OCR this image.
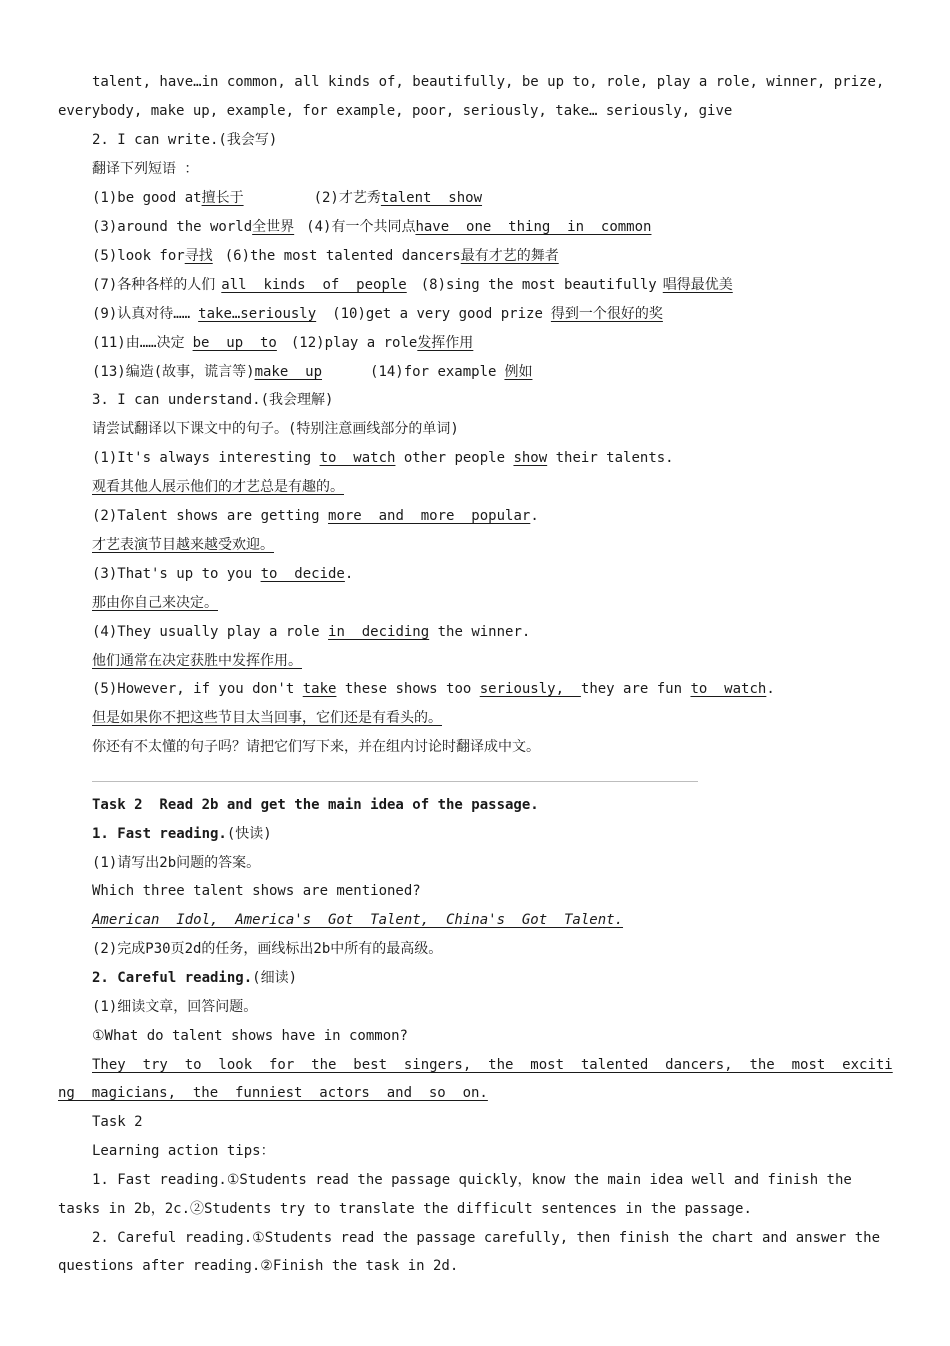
talent, have…in common, all kinds of, beautifully, be up to, role, play a role, winner, prize,
everybody, make up, example, for example, poor, seriously, take… seriously, give
2. I can write.(我会写)
翻译下列短语 ：
(1)be good at擅长于	(2)才艺秀talent  show
(3)around the world全世界 (4)有一个共同点have  one  thing  in  common
(5)look for寻找 (6)the most talented dancers最有才艺的舞者
(7)各种各样的人们 all  kinds  of  people (8)sing the most beautifully 唱得最优美
(9)认真对待…… take…seriously (10)get a very good prize 得到一个很好的奖
(11)由……决定 be  up  to (12)play a role发挥作用
(13)编造(故事，谎言等)make  up	(14)for example 例如
3. I can understand.(我会理解)
请尝试翻译以下课文中的句子。(特别注意画线部分的单词)
(1)It's always interesting to  watch other people show their talents.
观看其他人展示他们的才艺总是有趣的。
(2)Talent shows are getting more  and  more  popular.
才艺表演节目越来越受欢迎。
(3)That's up to you to  decide.
那由你自己来决定。
(4)They usually play a role in  deciding the winner.
他们通常在决定获胜中发挥作用。
(5)However, if you don't take these shows too seriously,  they are fun to  watch.
但是如果你不把这些节目太当回事，它们还是有看头的。
你还有不太懂的句子吗？请把它们写下来，并在组内讨论时翻译成中文。
Task 2  Read 2b and get the main idea of the passage.
1. Fast reading.(快读)
(1)请写出2b问题的答案。
Which three talent shows are mentioned?
American  Idol,  America's  Got  Talent,  China's  Got  Talent.
(2)完成P30页2d的任务，画线标出2b中所有的最高级。
2. Careful reading.(细读)
(1)细读文章，回答问题。
①What do talent shows have in common?
They  try  to  look  for  the  best  singers,  the  most  talented  dancers,  the  most  exciti
ng  magicians,  the  funniest  actors  and  so  on.
Task 2
Learning action tips：
1. Fast reading.①Students read the passage quickly，know the main idea well and finish the
tasks in 2b，2c.②Students try to translate the difficult sentences in the passage.
2. Careful reading.①Students read the passage carefully, then finish the chart and answer the
questions after reading.②Finish the task in 2d.
